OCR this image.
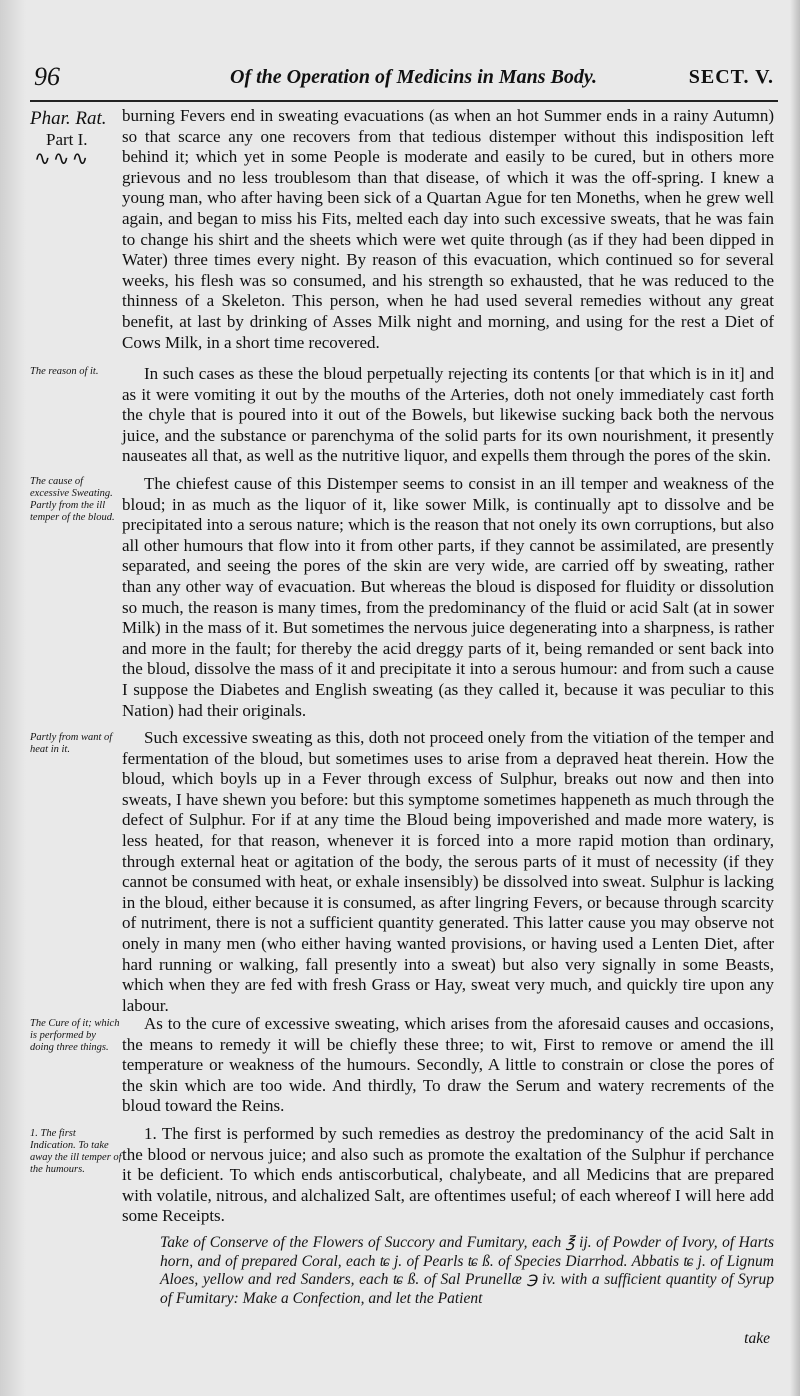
96	Of the Operation of Medicins in Mans Body.	SECT. V.
Phar. Rat.
Part I.
∿∿∿
The reason of it.
The cause of excessive Sweating. Partly from the ill temper of the bloud.
Partly from want of heat in it.
The Cure of it; which is performed by doing three things.
1. The first Indication. To take away the ill temper of the humours.

burning Fevers end in sweating evacuations (as when an hot Summer ends in a rainy Autumn) so that scarce any one recovers from that tedious distemper without this indisposition left behind it; which yet in some People is moderate and easily to be cured, but in others more grievous and no less troublesom than that disease, of which it was the off-spring. I knew a young man, who after having been sick of a Quartan Ague for ten Moneths, when he grew well again, and began to miss his Fits, melted each day into such excessive sweats, that he was fain to change his shirt and the sheets which were wet quite through (as if they had been dipped in Water) three times every night. By reason of this evacuation, which continued so for several weeks, his flesh was so consumed, and his strength so exhausted, that he was reduced to the thinness of a Skeleton. This person, when he had used several remedies without any great benefit, at last by drinking of Asses Milk night and morning, and using for the rest a Diet of Cows Milk, in a short time recovered.

In such cases as these the bloud perpetually rejecting its contents [or that which is in it] and as it were vomiting it out by the mouths of the Arteries, doth not onely immediately cast forth the chyle that is poured into it out of the Bowels, but likewise sucking back both the nervous juice, and the substance or parenchyma of the solid parts for its own nourishment, it presently nauseates all that, as well as the nutritive liquor, and expells them through the pores of the skin.

The chiefest cause of this Distemper seems to consist in an ill temper and weakness of the bloud; in as much as the liquor of it, like sower Milk, is continually apt to dissolve and be precipitated into a serous nature; which is the reason that not onely its own corruptions, but also all other humours that flow into it from other parts, if they cannot be assimilated, are presently separated, and seeing the pores of the skin are very wide, are carried off by sweating, rather than any other way of evacuation. But whereas the bloud is disposed for fluidity or dissolution so much, the reason is many times, from the predominancy of the fluid or acid Salt (at in sower Milk) in the mass of it. But sometimes the nervous juice degenerating into a sharpness, is rather and more in the fault; for thereby the acid dreggy parts of it, being remanded or sent back into the bloud, dissolve the mass of it and precipitate it into a serous humour: and from such a cause I suppose the Diabetes and English sweating (as they called it, because it was peculiar to this Nation) had their originals.

Such excessive sweating as this, doth not proceed onely from the vitiation of the temper and fermentation of the bloud, but sometimes uses to arise from a depraved heat therein. How the bloud, which boyls up in a Fever through excess of Sulphur, breaks out now and then into sweats, I have shewn you before: but this symptome sometimes happeneth as much through the defect of Sulphur. For if at any time the Bloud being impoverished and made more watery, is less heated, for that reason, whenever it is forced into a more rapid motion than ordinary, through external heat or agitation of the body, the serous parts of it must of necessity (if they cannot be consumed with heat, or exhale insensibly) be dissolved into sweat. Sulphur is lacking in the bloud, either because it is consumed, as after lingring Fevers, or because through scarcity of nutriment, there is not a sufficient quantity generated. This latter cause you may observe not onely in many men (who either having wanted provisions, or having used a Lenten Diet, after hard running or walking, fall presently into a sweat) but also very signally in some Beasts, which when they are fed with fresh Grass or Hay, sweat very much, and quickly tire upon any labour.

As to the cure of excessive sweating, which arises from the aforesaid causes and occasions, the means to remedy it will be chiefly these three; to wit, First to remove or amend the ill temperature or weakness of the humours. Secondly, A little to constrain or close the pores of the skin which are too wide. And thirdly, To draw the Serum and watery recrements of the bloud toward the Reins.

1. The first is performed by such remedies as destroy the predominancy of the acid Salt in the blood or nervous juice; and also such as promote the exaltation of the Sulphur if perchance it be deficient. To which ends antiscorbutical, chalybeate, and all Medicins that are prepared with volatile, nitrous, and alchalized Salt, are oftentimes useful; of each whereof I will here add some Receipts.

Take of Conserve of the Flowers of Succory and Fumitary, each ℥ ij. of Powder of Ivory, of Harts horn, and of prepared Coral, each ʨ j. of Pearls ʨ ß. of Species Diarrhod. Abbatis ʨ j. of Lignum Aloes, yellow and red Sanders, each ʨ ß. of Sal Prunellæ ℈ iv. with a sufficient quantity of Syrup of Fumitary: Make a Confection, and let the Patient
take
